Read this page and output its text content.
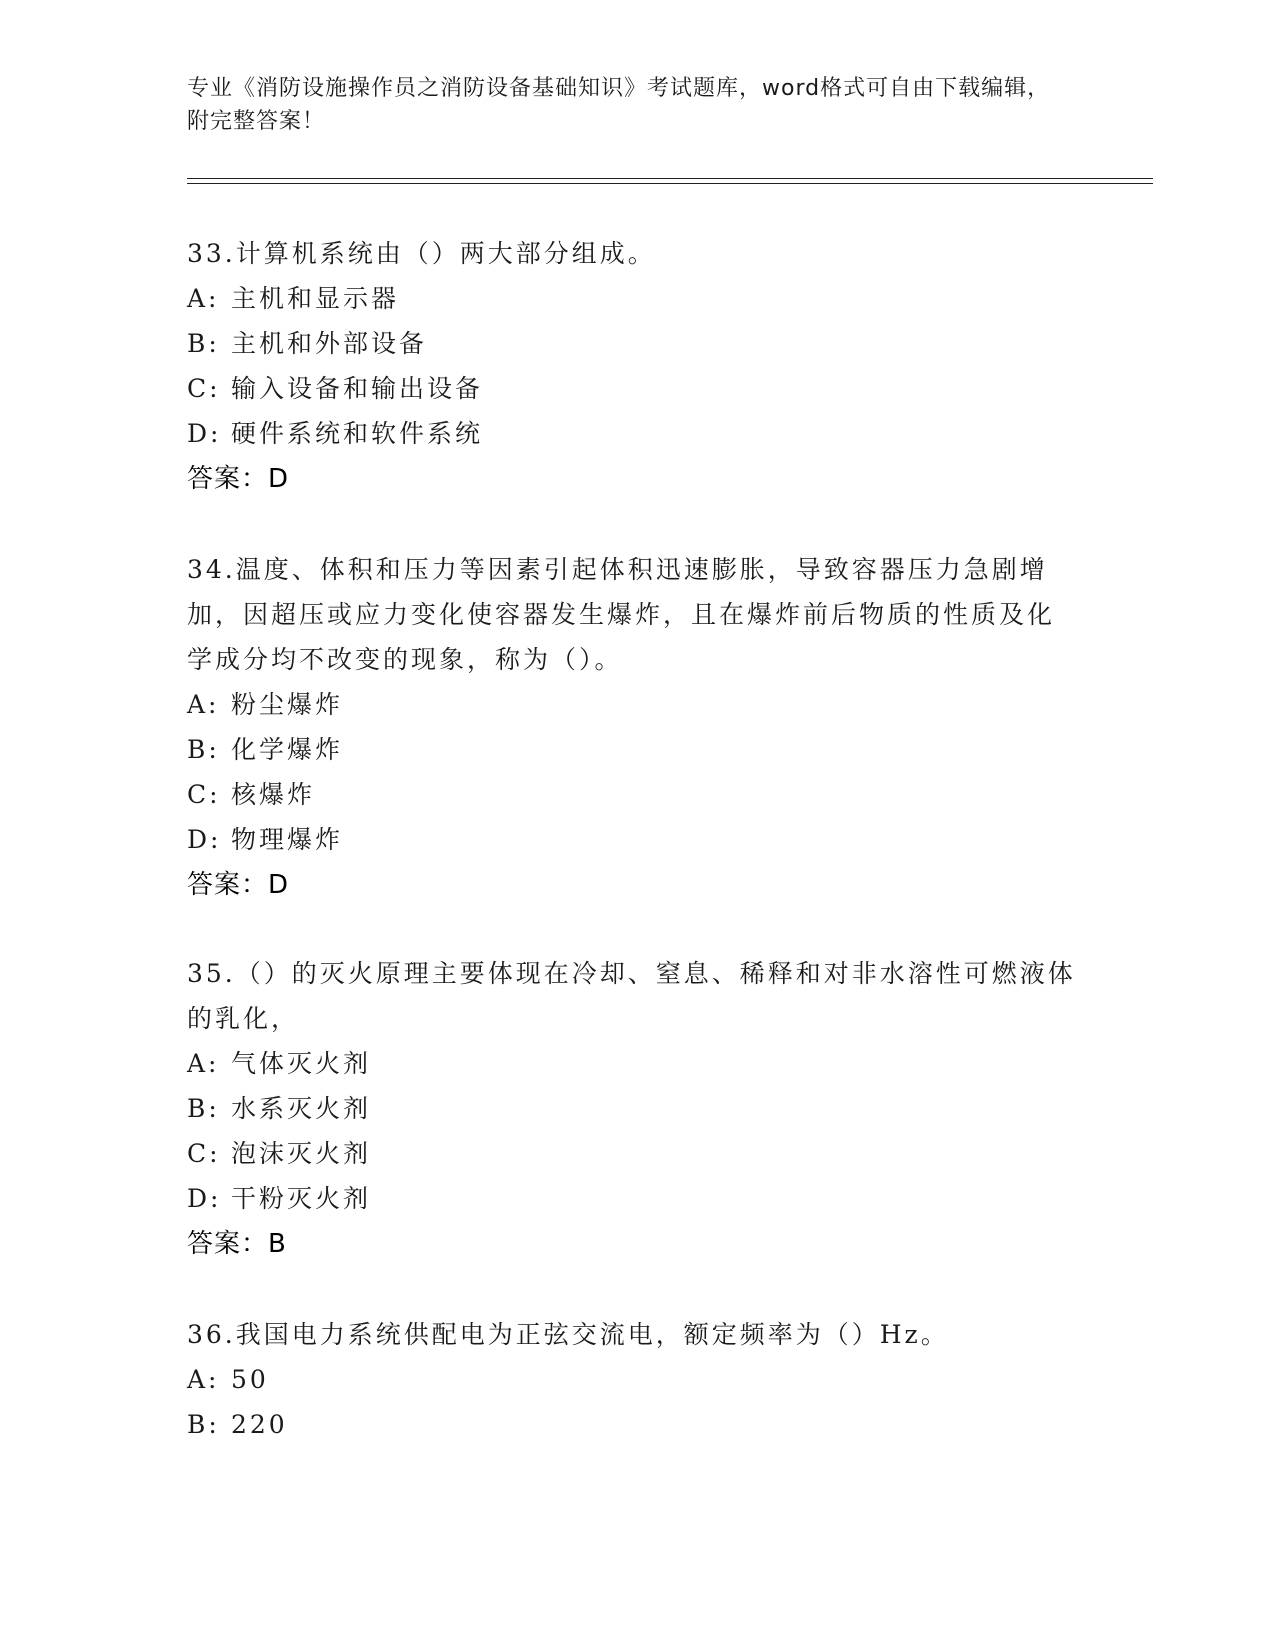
专业《消防设施操作员之消防设备基础知识》考试题库，word格式可自由下载编辑，附完整答案！
33.计算机系统由（）两大部分组成。
A: 主机和显示器
B: 主机和外部设备
C: 输入设备和输出设备
D: 硬件系统和软件系统
答案：D
34.温度、体积和压力等因素引起体积迅速膨胀，导致容器压力急剧增加，因超压或应力变化使容器发生爆炸，且在爆炸前后物质的性质及化学成分均不改变的现象，称为（）。
A: 粉尘爆炸
B: 化学爆炸
C: 核爆炸
D: 物理爆炸
答案：D
35.（）的灭火原理主要体现在冷却、窒息、稀释和对非水溶性可燃液体的乳化，
A: 气体灭火剂
B: 水系灭火剂
C: 泡沫灭火剂
D: 干粉灭火剂
答案：B
36.我国电力系统供配电为正弦交流电，额定频率为（）Hz。
A: 50
B: 220
